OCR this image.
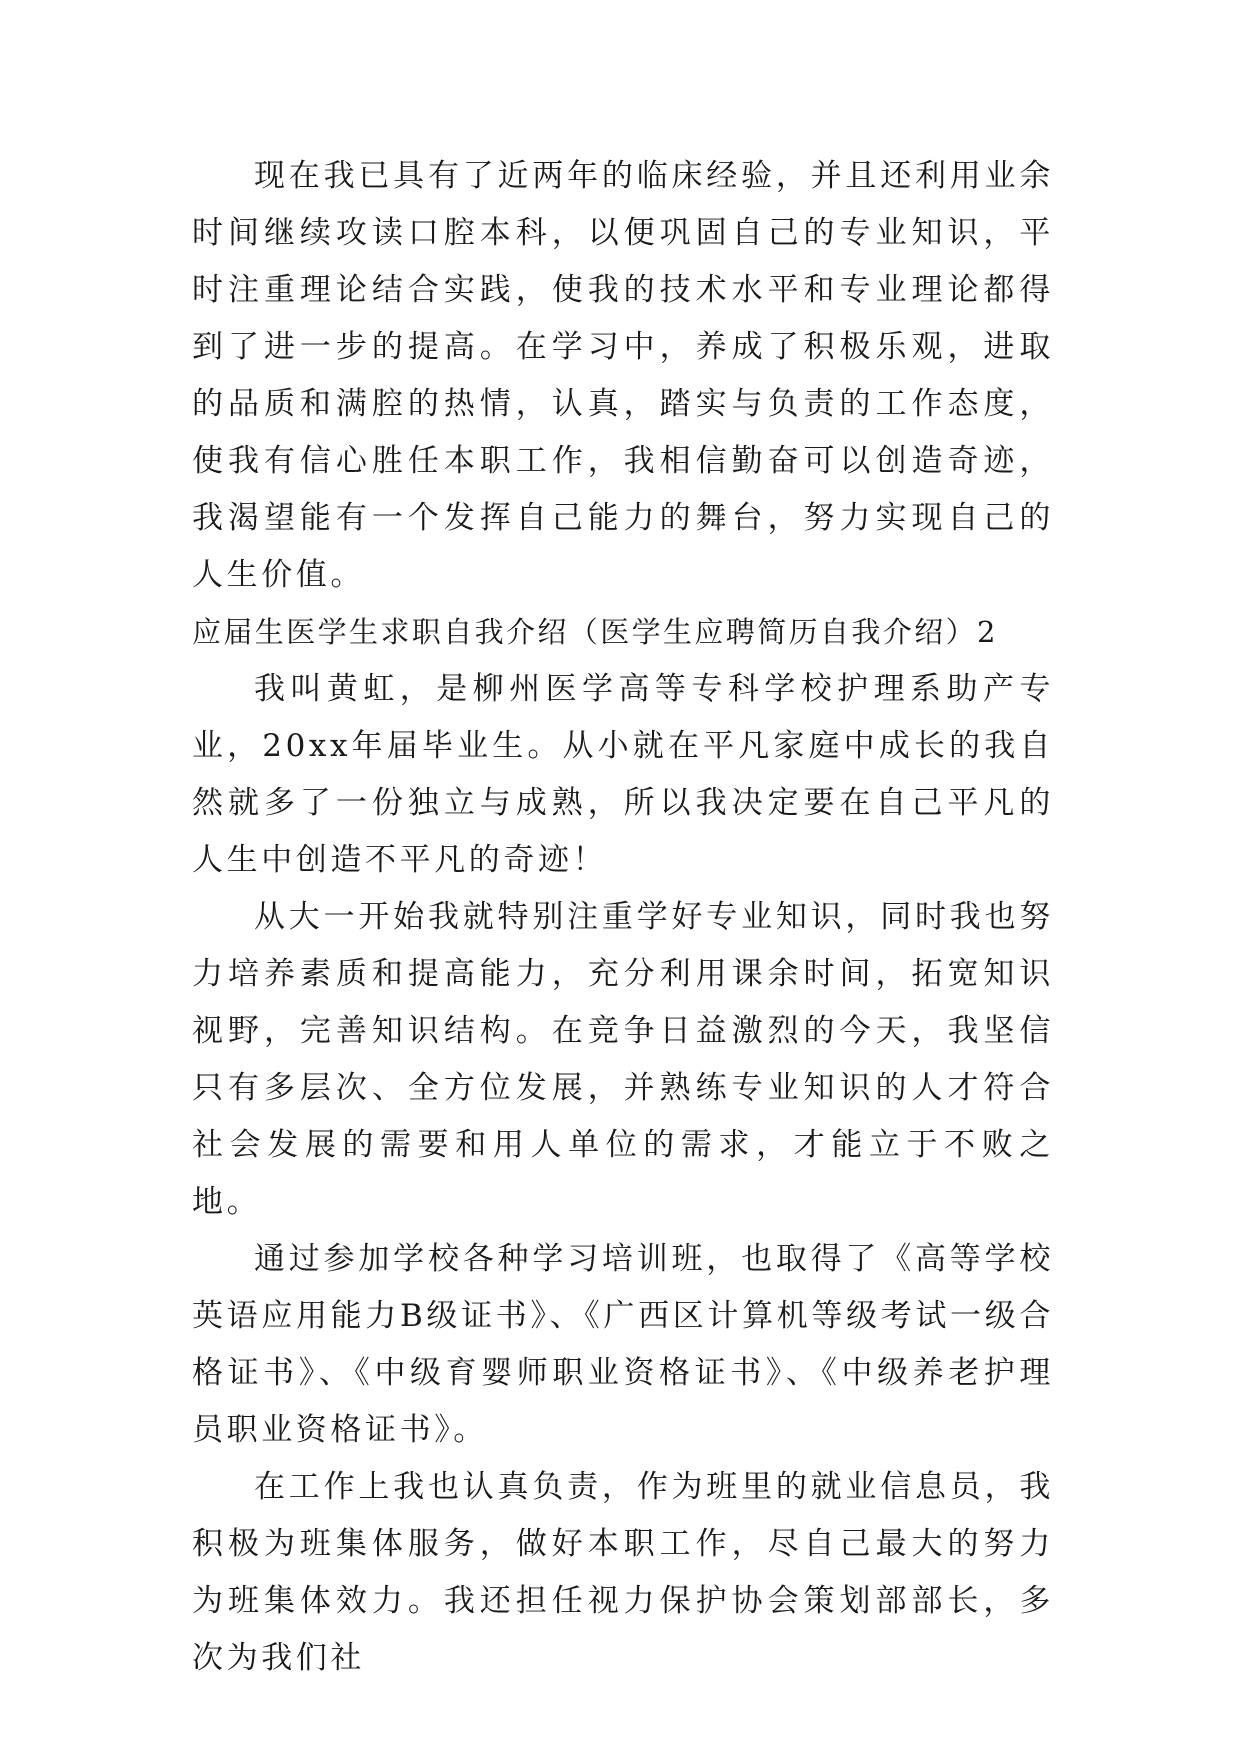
现在我已具有了近两年的临床经验，并且还利用业余时间继续攻读口腔本科，以便巩固自己的专业知识，平时注重理论结合实践，使我的技术水平和专业理论都得到了进一步的提高。在学习中，养成了积极乐观，进取的品质和满腔的热情，认真，踏实与负责的工作态度，使我有信心胜任本职工作，我相信勤奋可以创造奇迹，我渴望能有一个发挥自己能力的舞台，努力实现自己的人生价值。

应届生医学生求职自我介绍（医学生应聘简历自我介绍）2

我叫黄虹，是柳州医学高等专科学校护理系助产专业，20xx年届毕业生。从小就在平凡家庭中成长的我自然就多了一份独立与成熟，所以我决定要在自己平凡的人生中创造不平凡的奇迹！

从大一开始我就特别注重学好专业知识，同时我也努力培养素质和提高能力，充分利用课余时间，拓宽知识视野，完善知识结构。在竞争日益激烈的今天，我坚信只有多层次、全方位发展，并熟练专业知识的人才符合社会发展的需要和用人单位的需求，才能立于不败之地。

通过参加学校各种学习培训班，也取得了《高等学校英语应用能力B级证书》、《广西区计算机等级考试一级合格证书》、《中级育婴师职业资格证书》、《中级养老护理员职业资格证书》。

在工作上我也认真负责，作为班里的就业信息员，我积极为班集体服务，做好本职工作，尽自己最大的努力为班集体效力。我还担任视力保护协会策划部部长，多次为我们社
